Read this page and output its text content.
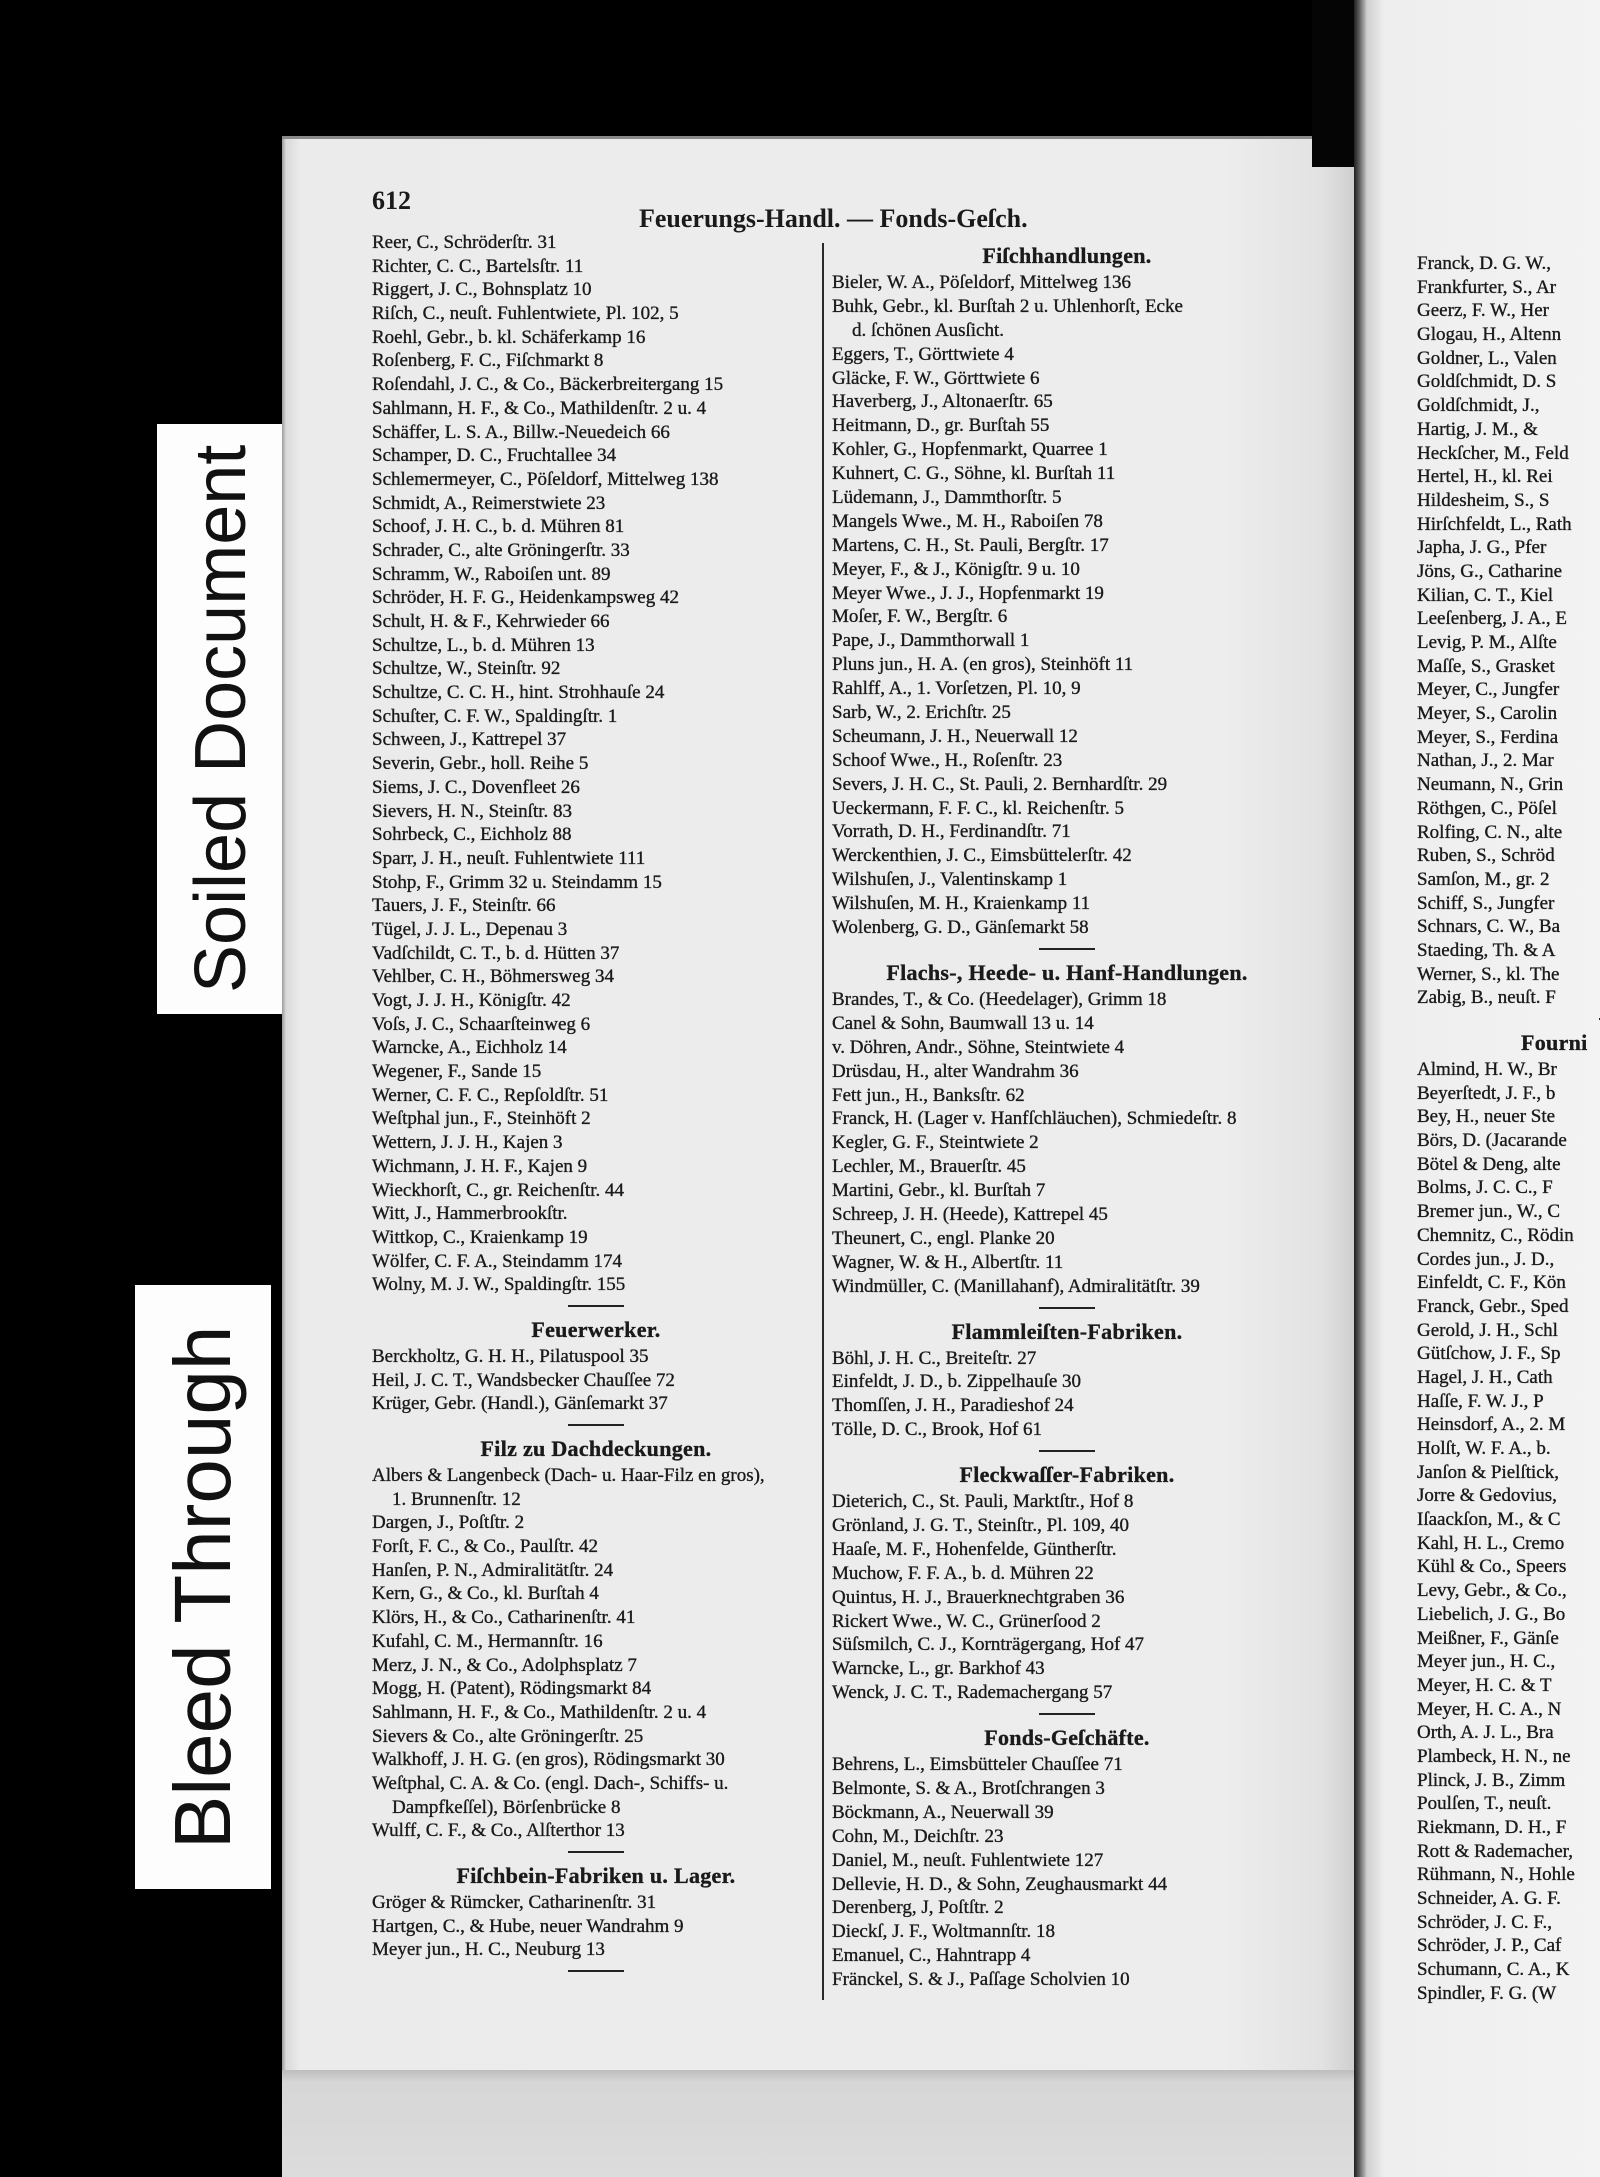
Soiled Document
Bleed Through
612
Feuerungs-Handl. — Fonds-Geſch.
Reer, C., Schröderſtr. 31
Richter, C. C., Bartelsſtr. 11
Riggert, J. C., Bohnsplatz 10
Riſch, C., neuſt. Fuhlentwiete, Pl. 102, 5
Roehl, Gebr., b. kl. Schäferkamp 16
Roſenberg, F. C., Fiſchmarkt 8
Roſendahl, J. C., & Co., Bäckerbreitergang 15
Sahlmann, H. F., & Co., Mathildenſtr. 2 u. 4
Schäffer, L. S. A., Billw.-Neuedeich 66
Schamper, D. C., Fruchtallee 34
Schlemermeyer, C., Pöſeldorf, Mittelweg 138
Schmidt, A., Reimerstwiete 23
Schoof, J. H. C., b. d. Mühren 81
Schrader, C., alte Gröningerſtr. 33
Schramm, W., Raboiſen unt. 89
Schröder, H. F. G., Heidenkampsweg 42
Schult, H. & F., Kehrwieder 66
Schultze, L., b. d. Mühren 13
Schultze, W., Steinſtr. 92
Schultze, C. C. H., hint. Strohhauſe 24
Schuſter, C. F. W., Spaldingſtr. 1
Schween, J., Kattrepel 37
Severin, Gebr., holl. Reihe 5
Siems, J. C., Dovenfleet 26
Sievers, H. N., Steinſtr. 83
Sohrbeck, C., Eichholz 88
Sparr, J. H., neuſt. Fuhlentwiete 111
Stohp, F., Grimm 32 u. Steindamm 15
Tauers, J. F., Steinſtr. 66
Tügel, J. J. L., Depenau 3
Vadſchildt, C. T., b. d. Hütten 37
Vehlber, C. H., Böhmersweg 34
Vogt, J. J. H., Königſtr. 42
Voſs, J. C., Schaarſteinweg 6
Warncke, A., Eichholz 14
Wegener, F., Sande 15
Werner, C. F. C., Repſoldſtr. 51
Weſtphal jun., F., Steinhöft 2
Wettern, J. J. H., Kajen 3
Wichmann, J. H. F., Kajen 9
Wieckhorſt, C., gr. Reichenſtr. 44
Witt, J., Hammerbrookſtr.
Wittkop, C., Kraienkamp 19
Wölfer, C. F. A., Steindamm 174
Wolny, M. J. W., Spaldingſtr. 155
Feuerwerker.
Berckholtz, G. H. H., Pilatuspool 35
Heil, J. C. T., Wandsbecker Chauſſee 72
Krüger, Gebr. (Handl.), Gänſemarkt 37
Filz zu Dachdeckungen.
Albers & Langenbeck (Dach- u. Haar-Filz en gros),
1. Brunnenſtr. 12
Dargen, J., Poſtſtr. 2
Forſt, F. C., & Co., Paulſtr. 42
Hanſen, P. N., Admiralitätſtr. 24
Kern, G., & Co., kl. Burſtah 4
Klörs, H., & Co., Catharinenſtr. 41
Kufahl, C. M., Hermannſtr. 16
Merz, J. N., & Co., Adolphsplatz 7
Mogg, H. (Patent), Rödingsmarkt 84
Sahlmann, H. F., & Co., Mathildenſtr. 2 u. 4
Sievers & Co., alte Gröningerſtr. 25
Walkhoff, J. H. G. (en gros), Rödingsmarkt 30
Weſtphal, C. A. & Co. (engl. Dach-, Schiffs- u.
Dampfkeſſel), Börſenbrücke 8
Wulff, C. F., & Co., Alſterthor 13
Fiſchbein-Fabriken u. Lager.
Gröger & Rümcker, Catharinenſtr. 31
Hartgen, C., & Hube, neuer Wandrahm 9
Meyer jun., H. C., Neuburg 13
Fiſchhandlungen.
Bieler, W. A., Pöſeldorf, Mittelweg 136
Buhk, Gebr., kl. Burſtah 2 u. Uhlenhorſt, Ecke
d. ſchönen Ausſicht.
Eggers, T., Görttwiete 4
Gläcke, F. W., Görttwiete 6
Haverberg, J., Altonaerſtr. 65
Heitmann, D., gr. Burſtah 55
Kohler, G., Hopfenmarkt, Quarree 1
Kuhnert, C. G., Söhne, kl. Burſtah 11
Lüdemann, J., Dammthorſtr. 5
Mangels Wwe., M. H., Raboiſen 78
Martens, C. H., St. Pauli, Bergſtr. 17
Meyer, F., & J., Königſtr. 9 u. 10
Meyer Wwe., J. J., Hopfenmarkt 19
Moſer, F. W., Bergſtr. 6
Pape, J., Dammthorwall 1
Pluns jun., H. A. (en gros), Steinhöft 11
Rahlff, A., 1. Vorſetzen, Pl. 10, 9
Sarb, W., 2. Erichſtr. 25
Scheumann, J. H., Neuerwall 12
Schoof Wwe., H., Roſenſtr. 23
Severs, J. H. C., St. Pauli, 2. Bernhardſtr. 29
Ueckermann, F. F. C., kl. Reichenſtr. 5
Vorrath, D. H., Ferdinandſtr. 71
Werckenthien, J. C., Eimsbüttelerſtr. 42
Wilshuſen, J., Valentinskamp 1
Wilshuſen, M. H., Kraienkamp 11
Wolenberg, G. D., Gänſemarkt 58
Flachs-, Heede- u. Hanf-Handlungen.
Brandes, T., & Co. (Heedelager), Grimm 18
Canel & Sohn, Baumwall 13 u. 14
v. Döhren, Andr., Söhne, Steintwiete 4
Drüsdau, H., alter Wandrahm 36
Fett jun., H., Banksſtr. 62
Franck, H. (Lager v. Hanfſchläuchen), Schmiedeſtr. 8
Kegler, G. F., Steintwiete 2
Lechler, M., Brauerſtr. 45
Martini, Gebr., kl. Burſtah 7
Schreep, J. H. (Heede), Kattrepel 45
Theunert, C., engl. Planke 20
Wagner, W. & H., Albertſtr. 11
Windmüller, C. (Manillahanf), Admiralitätſtr. 39
Flammleiſten-Fabriken.
Böhl, J. H. C., Breiteſtr. 27
Einfeldt, J. D., b. Zippelhauſe 30
Thomſſen, J. H., Paradieshof 24
Tölle, D. C., Brook, Hof 61
Fleckwaſſer-Fabriken.
Dieterich, C., St. Pauli, Marktſtr., Hof 8
Grönland, J. G. T., Steinſtr., Pl. 109, 40
Haaſe, M. F., Hohenfelde, Güntherſtr.
Muchow, F. F. A., b. d. Mühren 22
Quintus, H. J., Brauerknechtgraben 36
Rickert Wwe., W. C., Grünerſood 2
Süſsmilch, C. J., Kornträgergang, Hof 47
Warncke, L., gr. Barkhof 43
Wenck, J. C. T., Rademachergang 57
Fonds-Geſchäfte.
Behrens, L., Eimsbütteler Chauſſee 71
Belmonte, S. & A., Brotſchrangen 3
Böckmann, A., Neuerwall 39
Cohn, M., Deichſtr. 23
Daniel, M., neuſt. Fuhlentwiete 127
Dellevie, H. D., & Sohn, Zeughausmarkt 44
Derenberg, J, Poſtſtr. 2
Dieckſ, J. F., Woltmannſtr. 18
Emanuel, C., Hahntrapp 4
Fränckel, S. & J., Paſſage Scholvien 10
Franck, D. G. W.,
Frankfurter, S., Ar
Geerz, F. W., Her
Glogau, H., Altenn
Goldner, L., Valen
Goldſchmidt, D. S
Goldſchmidt, J.,
Hartig, J. M., &
Heckſcher, M., Feld
Hertel, H., kl. Rei
Hildesheim, S., S
Hirſchfeldt, L., Rath
Japha, J. G., Pfer
Jöns, G., Catharine
Kilian, C. T., Kiel
Leeſenberg, J. A., E
Levig, P. M., Alſte
Maſſe, S., Grasket
Meyer, C., Jungfer
Meyer, S., Carolin
Meyer, S., Ferdina
Nathan, J., 2. Mar
Neumann, N., Grin
Röthgen, C., Pöſel
Rolfing, C. N., alte
Ruben, S., Schröd
Samſon, M., gr. 2
Schiff, S., Jungfer
Schnars, C. W., Ba
Staeding, Th. & A
Werner, S., kl. The
Zabig, B., neuſt. F
Fourni
Almind, H. W., Br
Beyerſtedt, J. F., b
Bey, H., neuer Ste
Börs, D. (Jacarande
Bötel & Deng, alte
Bolms, J. C. C., F
Bremer jun., W., C
Chemnitz, C., Rödin
Cordes jun., J. D.,
Einfeldt, C. F., Kön
Franck, Gebr., Sped
Gerold, J. H., Schl
Gütſchow, J. F., Sp
Hagel, J. H., Cath
Haſſe, F. W. J., P
Heinsdorf, A., 2. M
Holſt, W. F. A., b.
Janſon & Pielſtick,
Jorre & Gedovius,
Iſaackſon, M., & C
Kahl, H. L., Cremo
Kühl & Co., Speers
Levy, Gebr., & Co.,
Liebelich, J. G., Bo
Meißner, F., Gänſe
Meyer jun., H. C.,
Meyer, H. C. & T
Meyer, H. C. A., N
Orth, A. J. L., Bra
Plambeck, H. N., ne
Plinck, J. B., Zimm
Poulſen, T., neuſt.
Riekmann, D. H., F
Rott & Rademacher,
Rühmann, N., Hohle
Schneider, A. G. F.
Schröder, J. C. F.,
Schröder, J. P., Caf
Schumann, C. A., K
Spindler, F. G. (W
